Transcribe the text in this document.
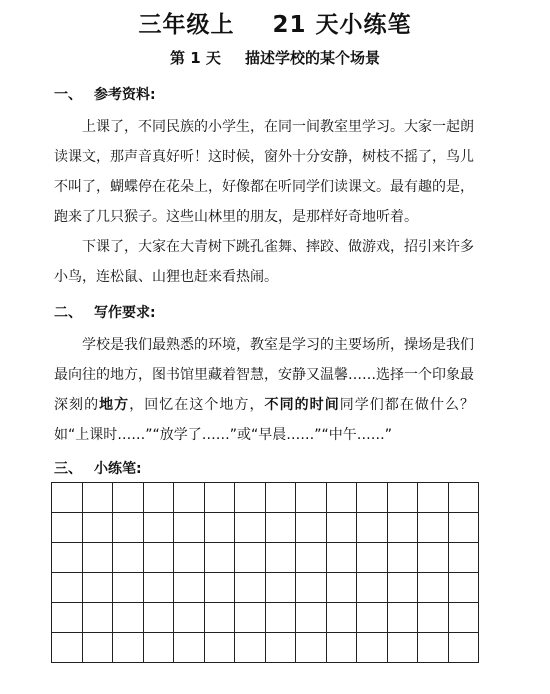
三年级上 21 天小练笔
第 1 天 描述学校的某个场景
一、 参考资料:

上课了，不同民族的小学生，在同一间教室里学习。大家一起朗读课文，那声音真好听！这时候，窗外十分安静，树枝不摇了，鸟儿不叫了，蝴蝶停在花朵上，好像都在听同学们读课文。最有趣的是，跑来了几只猴子。这些山林里的朋友，是那样好奇地听着。

下课了，大家在大青树下跳孔雀舞、摔跤、做游戏，招引来许多小鸟，连松鼠、山狸也赶来看热闹。

二、 写作要求:

学校是我们最熟悉的环境，教室是学习的主要场所，操场是我们最向往的地方，图书馆里藏着智慧，安静又温馨……选择一个印象最深刻的地方，回忆在这个地方，不同的时间同学们都在做什么？如“上课时……”“放学了……”或“早晨……”“中午……”

三、 小练笔:
